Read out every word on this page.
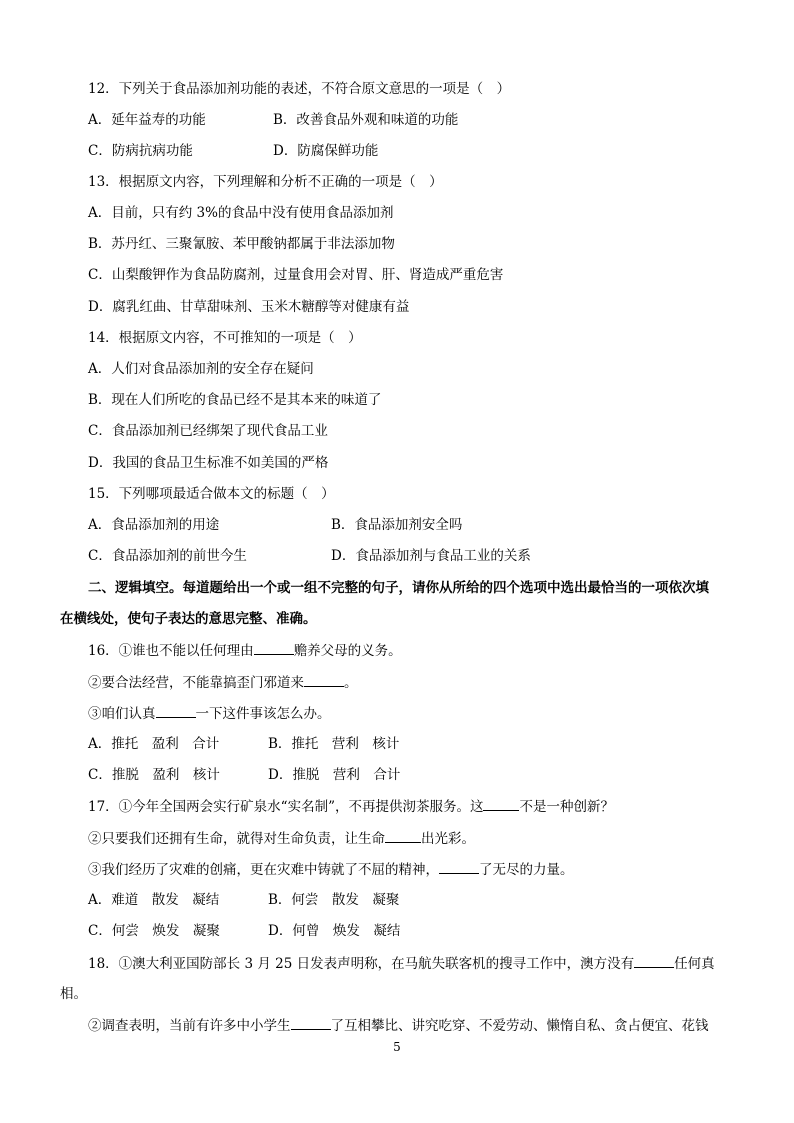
12．下列关于食品添加剂功能的表述，不符合原文意思的一项是（　）
A．延年益寿的功能	B．改善食品外观和味道的功能
C．防病抗病功能	D．防腐保鲜功能
13．根据原文内容，下列理解和分析不正确的一项是（　）
A．目前，只有约 3%的食品中没有使用食品添加剂
B．苏丹红、三聚氰胺、苯甲酸钠都属于非法添加物
C．山梨酸钾作为食品防腐剂，过量食用会对胃、肝、肾造成严重危害
D．腐乳红曲、甘草甜味剂、玉米木糖醇等对健康有益
14．根据原文内容，不可推知的一项是（　）
A．人们对食品添加剂的安全存在疑问
B．现在人们所吃的食品已经不是其本来的味道了
C．食品添加剂已经绑架了现代食品工业
D．我国的食品卫生标准不如美国的严格
15．下列哪项最适合做本文的标题（　）
A．食品添加剂的用途	B．食品添加剂安全吗
C．食品添加剂的前世今生	D．食品添加剂与食品工业的关系
二、逻辑填空。每道题给出一个或一组不完整的句子，请你从所给的四个选项中选出最恰当的一项依次填
在横线处，使句子表达的意思完整、准确。
16．①谁也不能以任何理由	赡养父母的义务。
②要合法经营，不能靠搞歪门邪道来	。
③咱们认真	一下这件事该怎么办。
A．推托　盈利　合计	B．推托　营利　核计
C．推脱　盈利　核计	D．推脱　营利　合计
17．①今年全国两会实行矿泉水“实名制”，不再提供沏茶服务。这	不是一种创新？
②只要我们还拥有生命，就得对生命负责，让生命	出光彩。
③我们经历了灾难的创痛，更在灾难中铸就了不屈的精神，	了无尽的力量。
A．难道　散发　凝结	B．何尝　散发　凝聚
C．何尝　焕发　凝聚	D．何曾　焕发　凝结
18．①澳大利亚国防部长 3 月 25 日发表声明称，在马航失联客机的搜寻工作中，澳方没有	任何真
相。
②调查表明，当前有许多中小学生	了互相攀比、讲究吃穿、不爱劳动、懒惰自私、贪占便宜、花钱
5
